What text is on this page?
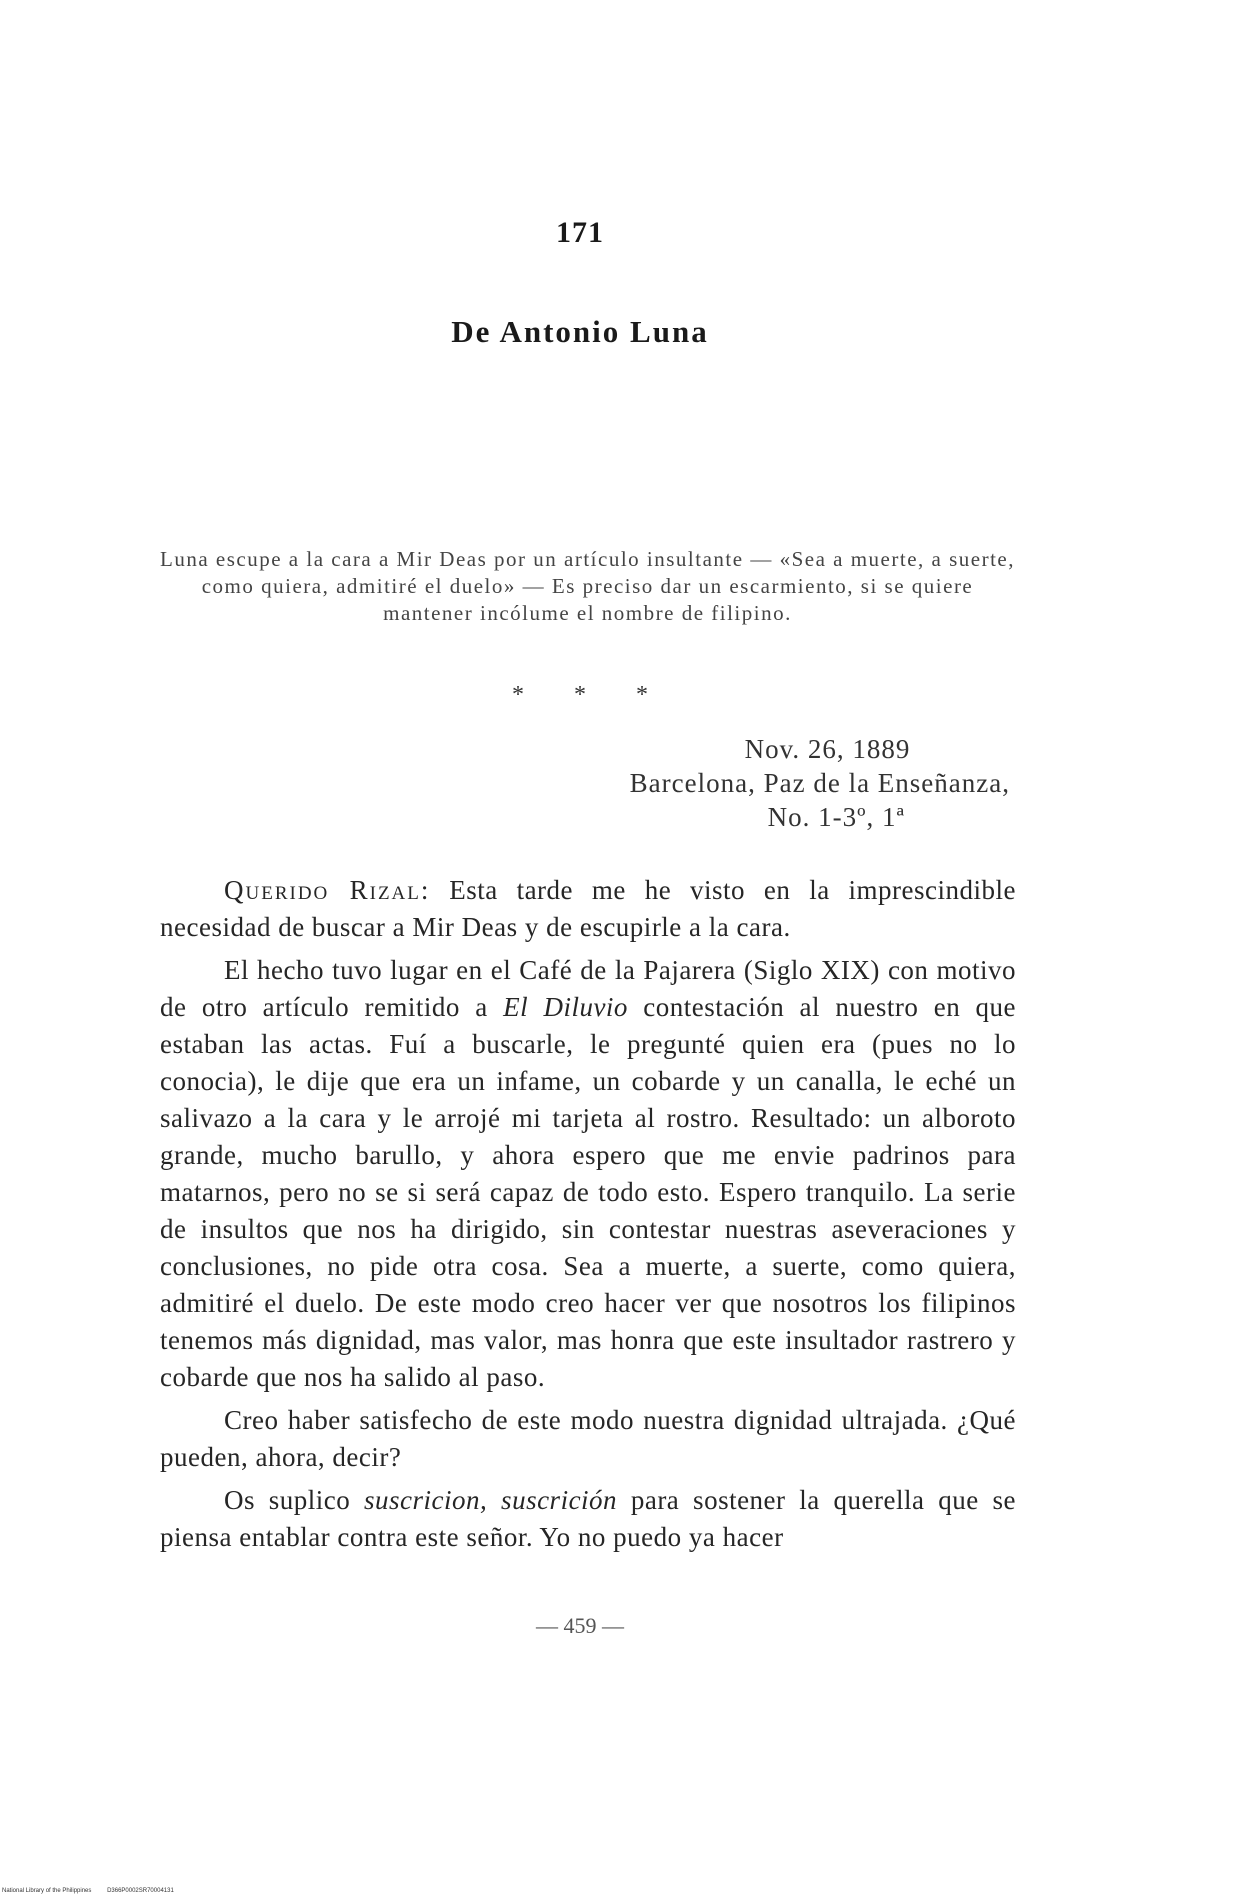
171
De Antonio Luna
Luna escupe a la cara a Mir Deas por un artículo insultante — «Sea a muerte, a suerte, como quiera, admitiré el duelo» — Es preciso dar un escarmiento, si se quiere mantener incólume el nombre de filipino.
* * *
Nov. 26, 1889
Barcelona, Paz de la Enseñanza,
No. 1-3º, 1ª

Querido Rizal: Esta tarde me he visto en la imprescindible necesidad de buscar a Mir Deas y de escupirle a la cara.

El hecho tuvo lugar en el Café de la Pajarera (Siglo XIX) con motivo de otro artículo remitido a El Diluvio contestación al nuestro en que estaban las actas. Fuí a buscarle, le pregunté quien era (pues no lo conocia), le dije que era un infame, un cobarde y un canalla, le eché un salivazo a la cara y le arrojé mi tarjeta al rostro. Resultado: un alboroto grande, mucho barullo, y ahora espero que me envie padrinos para matarnos, pero no se si será capaz de todo esto. Espero tranquilo. La serie de insultos que nos ha dirigido, sin contestar nuestras aseveraciones y conclusiones, no pide otra cosa. Sea a muerte, a suerte, como quiera, admitiré el duelo. De este modo creo hacer ver que nosotros los filipinos tenemos más dignidad, mas valor, mas honra que este insultador rastrero y cobarde que nos ha salido al paso.

Creo haber satisfecho de este modo nuestra dignidad ultrajada. ¿Qué pueden, ahora, decir?

Os suplico suscricion, suscrición para sostener la querella que se piensa entablar contra este señor. Yo no puedo ya hacer

— 459 —
National Library of the Philippines	D366P0002SR70004131
